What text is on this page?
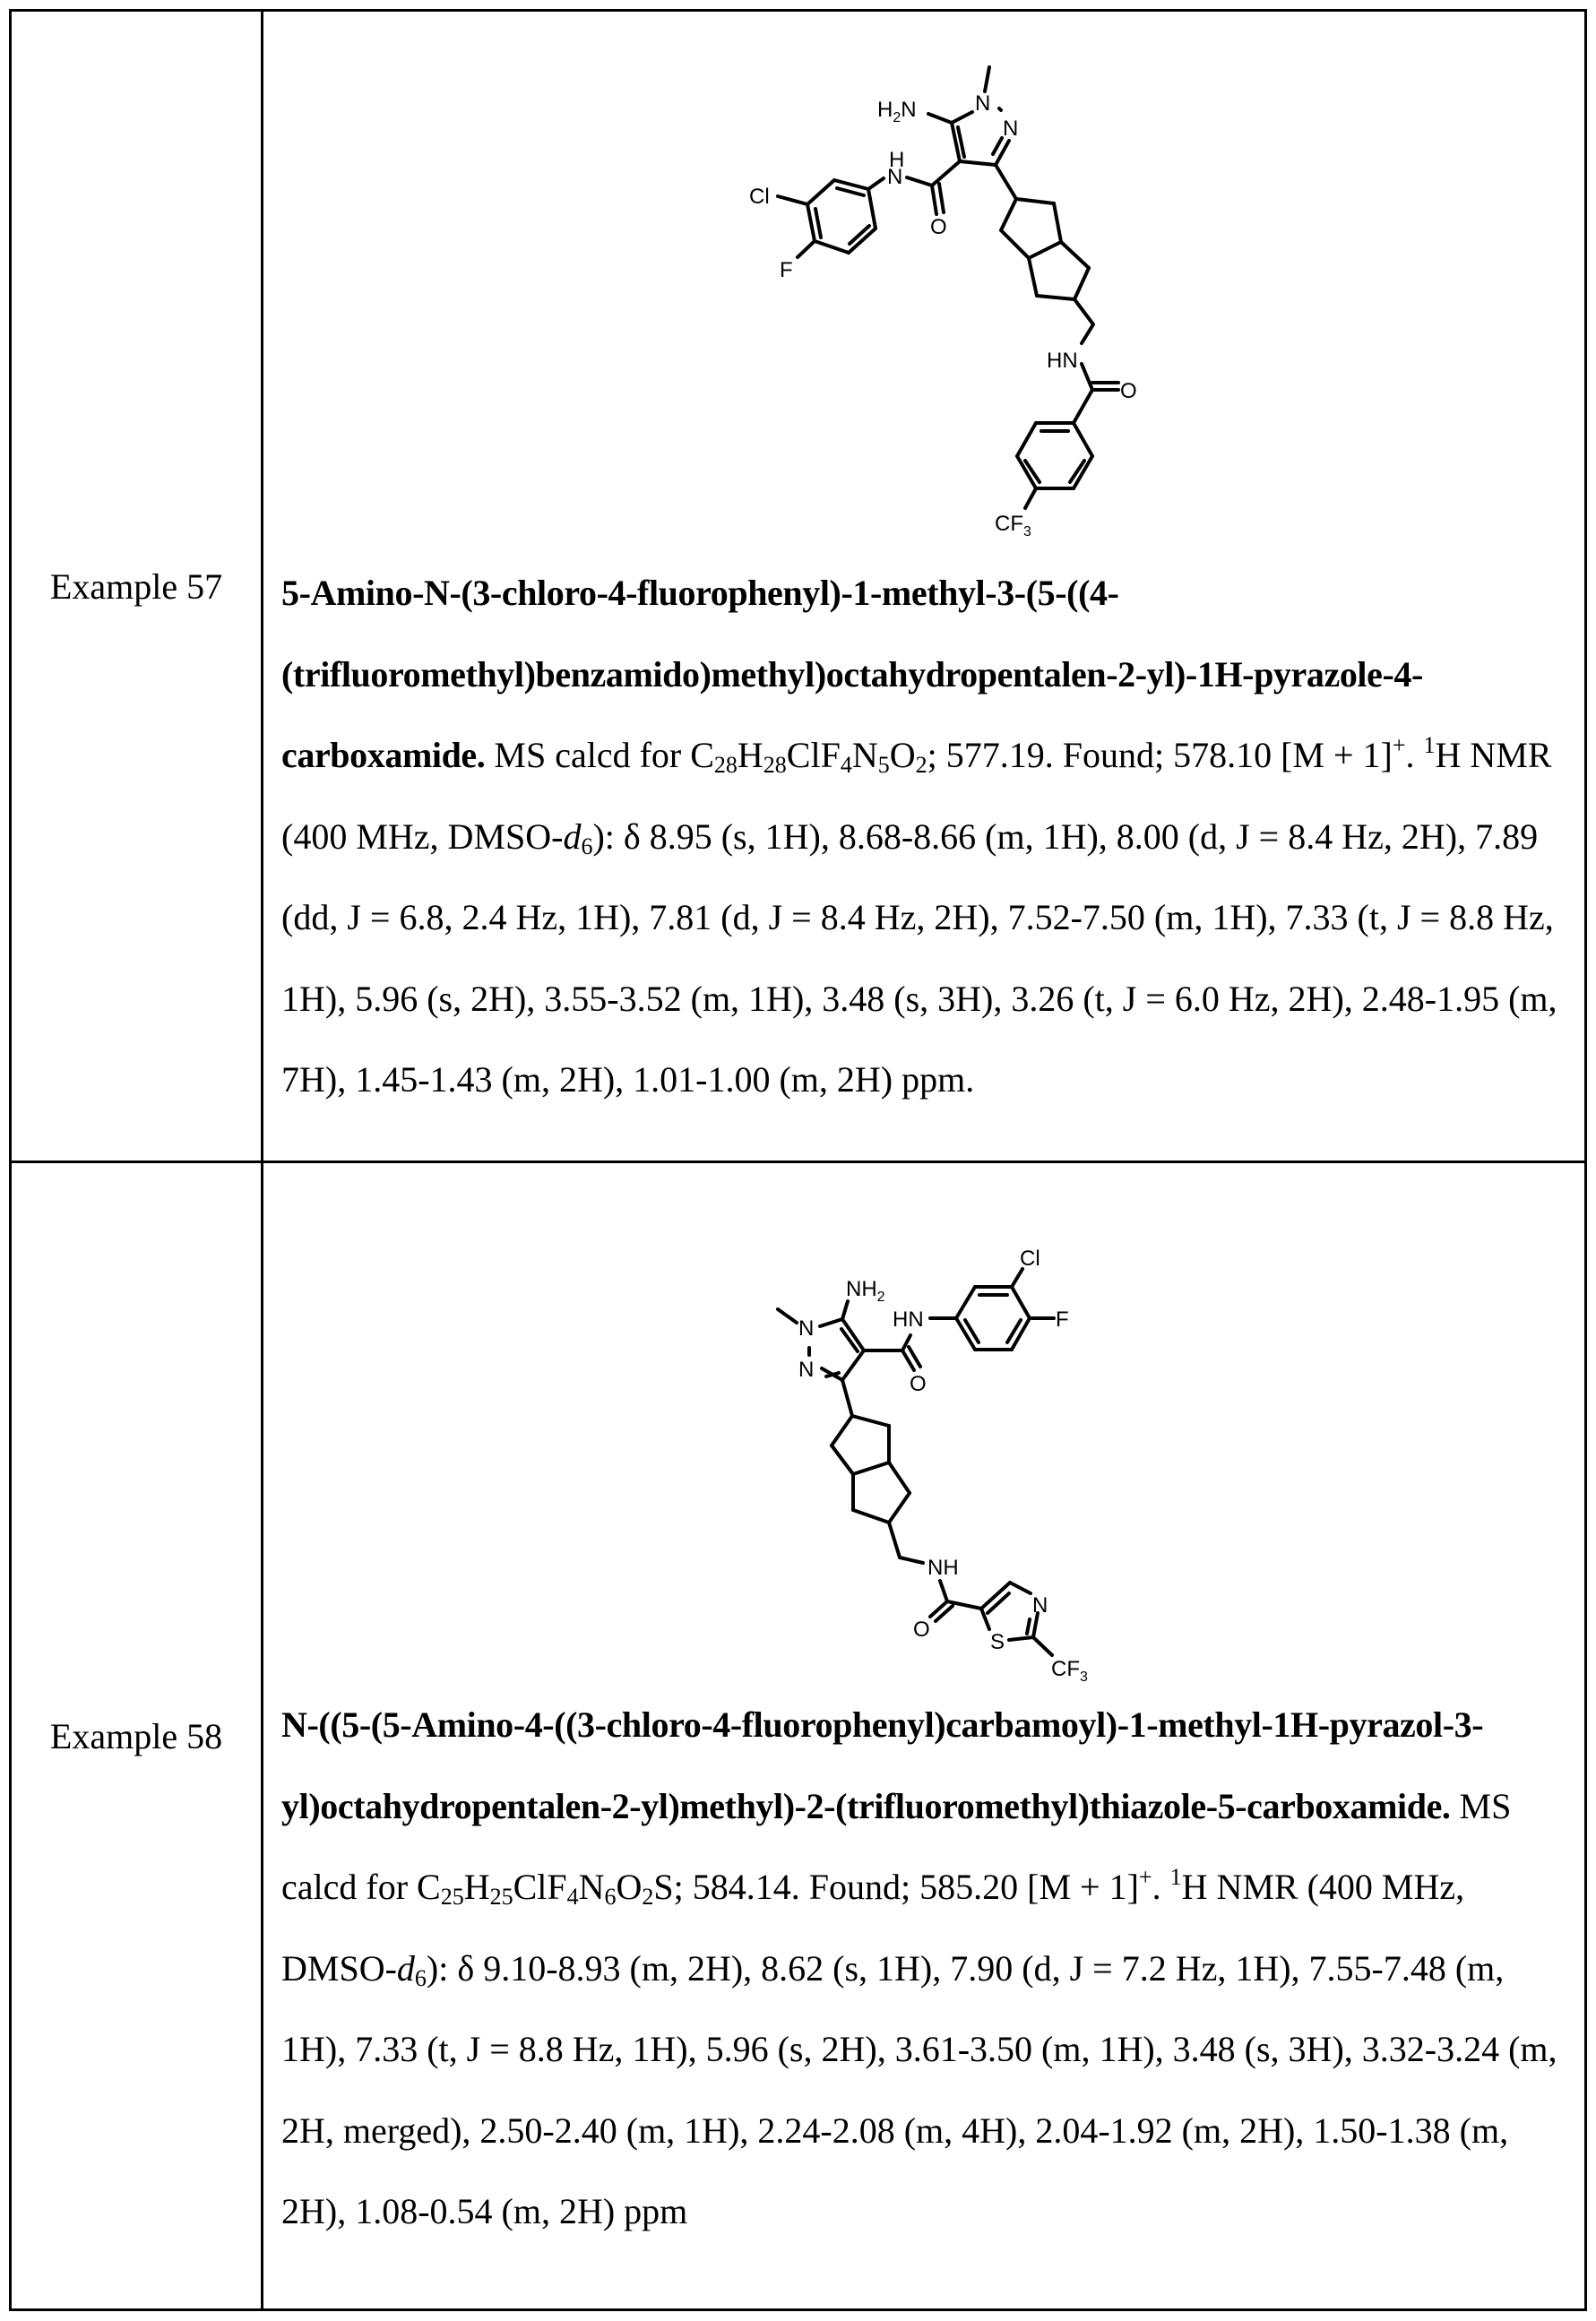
Example 57	
$H_2N$	N
N
H
N
O
Cl
F
HN
O
$CF_3$

5-Amino-N-(3-chloro-4-fluorophenyl)-1-methyl-3-(5-((4-(trifluoromethyl)benzamido)methyl)octahydropentalen-2-yl)-1H-pyrazole-4-carboxamide. MS calcd for $C_{28}H_{28}ClF_4N_5O_2$; 577.19. Found; 578.10 [M + 1]+. $^1$H NMR (400 MHz, DMSO-$d_6$): δ 8.95 (s, 1H), 8.68-8.66 (m, 1H), 8.00 (d, J = 8.4 Hz, 2H), 7.89 (dd, J = 6.8, 2.4 Hz, 1H), 7.81 (d, J = 8.4 Hz, 2H), 7.52-7.50 (m, 1H), 7.33 (t, J = 8.8 Hz, 1H), 5.96 (s, 2H), 3.55-3.52 (m, 1H), 3.48 (s, 3H), 3.26 (t, J = 6.0 Hz, 2H), 2.48-1.95 (m, 7H), 1.45-1.43 (m, 2H), 1.01-1.00 (m, 2H) ppm.

Example 58	
$NH_2$
N
N
HN
O
Cl
F
NH
O
S
N
$CF_3$

N-((5-(5-Amino-4-((3-chloro-4-fluorophenyl)carbamoyl)-1-methyl-1H-pyrazol-3-yl)octahydropentalen-2-yl)methyl)-2-(trifluoromethyl)thiazole-5-carboxamide. MS calcd for $C_{25}H_{25}ClF_4N_6O_2S$; 584.14. Found; 585.20 [M + 1]+. $^1$H NMR (400 MHz, DMSO-$d_6$): δ 9.10-8.93 (m, 2H), 8.62 (s, 1H), 7.90 (d, J = 7.2 Hz, 1H), 7.55-7.48 (m, 1H), 7.33 (t, J = 8.8 Hz, 1H), 5.96 (s, 2H), 3.61-3.50 (m, 1H), 3.48 (s, 3H), 3.32-3.24 (m, 2H, merged), 2.50-2.40 (m, 1H), 2.24-2.08 (m, 4H), 2.04-1.92 (m, 2H), 1.50-1.38 (m, 2H), 1.08-0.54 (m, 2H) ppm
